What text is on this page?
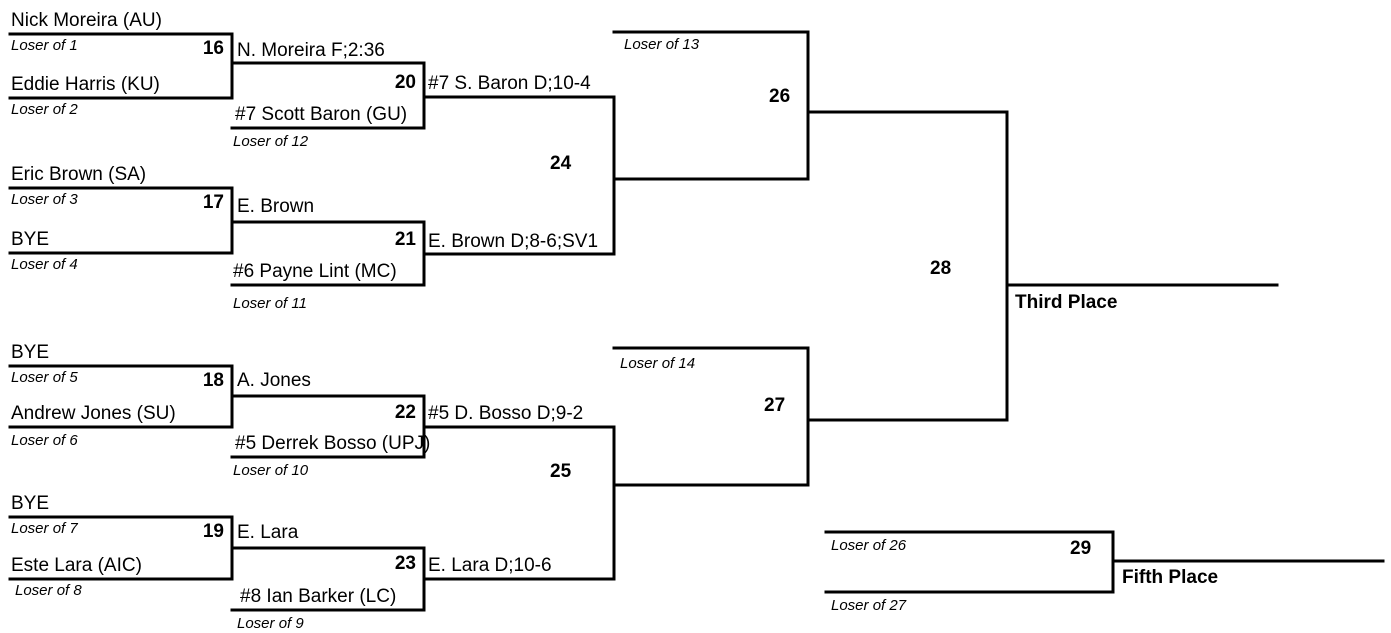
Nick Moreira (AU)
Loser of 1	16
Eddie Harris (KU)
Loser of 2
N. Moreira F;2:36
Eric Brown (SA)
Loser of 3	17
BYE
Loser of 4
E. Brown
BYE
Loser of 5	18
Andrew Jones (SU)
Loser of 6
A. Jones
BYE
Loser of 7	19
Este Lara (AIC)
Loser of 8
E. Lara
20
#7 Scott Baron (GU)
Loser of 12
#7 S. Baron D;10-4
21
#6 Payne Lint (MC)
Loser of 11
E. Brown D;8-6;SV1
22
#5 Derrek Bosso (UPJ)
Loser of 10
#5 D. Bosso D;9-2
23
#8 Ian Barker (LC)
Loser of 9
E. Lara D;10-6
24
25
Loser of 13
26
Loser of 14
27
28
Third Place
Loser of 26	29
Loser of 27
Fifth Place
